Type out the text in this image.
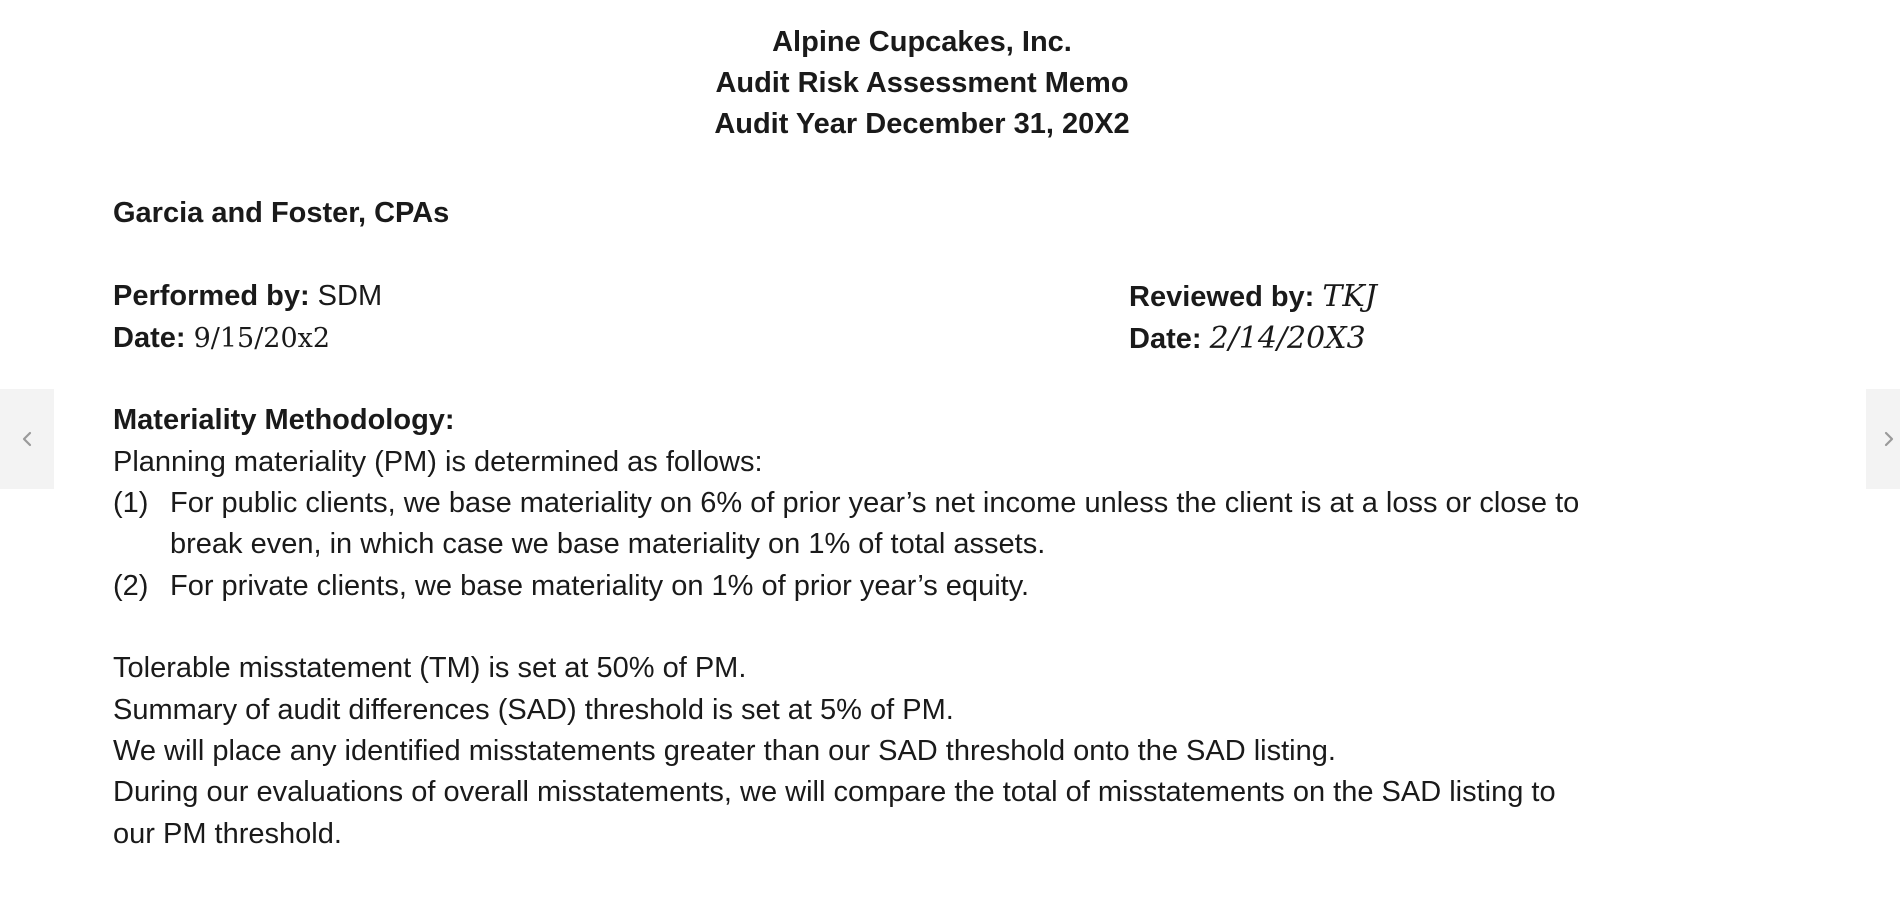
Alpine Cupcakes, Inc.
Audit Risk Assessment Memo
Audit Year December 31, 20X2
Garcia and Foster, CPAs
Performed by: SDM
Date: 9/15/20x2
Reviewed by: TKJ
Date: 2/14/20X3
Materiality Methodology:
Planning materiality (PM) is determined as follows:
(1) For public clients, we base materiality on 6% of prior year’s net income unless the client is at a loss or close to
break even, in which case we base materiality on 1% of total assets.
(2) For private clients, we base materiality on 1% of prior year’s equity.
Tolerable misstatement (TM) is set at 50% of PM.
Summary of audit differences (SAD) threshold is set at 5% of PM.
We will place any identified misstatements greater than our SAD threshold onto the SAD listing.
During our evaluations of overall misstatements, we will compare the total of misstatements on the SAD listing to
our PM threshold.
